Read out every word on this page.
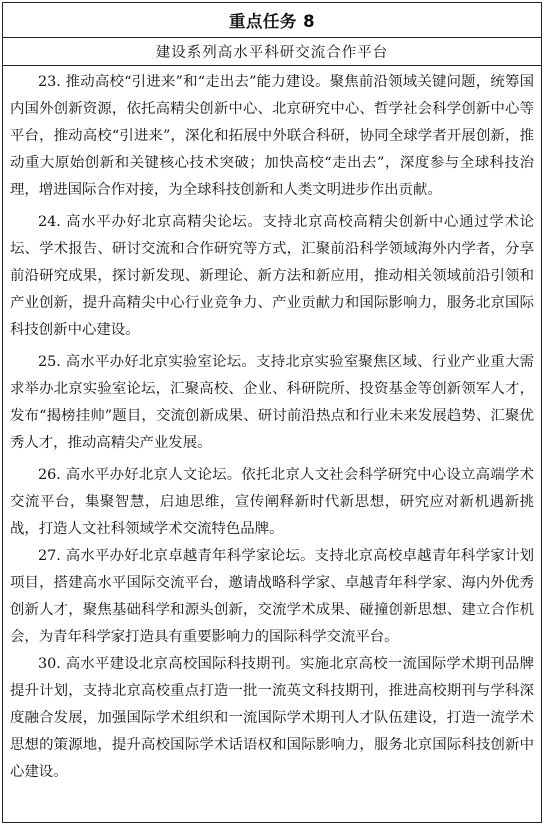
重点任务 8
建设系列高水平科研交流合作平台

23. 推动高校“引进来”和“走出去”能力建设。聚焦前沿领域关键问题，统筹国内国外创新资源，依托高精尖创新中心、北京研究中心、哲学社会科学创新中心等平台，推动高校“引进来”，深化和拓展中外联合科研，协同全球学者开展创新，推动重大原始创新和关键核心技术突破；加快高校“走出去”，深度参与全球科技治理，增进国际合作对接，为全球科技创新和人类文明进步作出贡献。

24. 高水平办好北京高精尖论坛。支持北京高校高精尖创新中心通过学术论坛、学术报告、研讨交流和合作研究等方式，汇聚前沿科学领域海外内学者，分享前沿研究成果，探讨新发现、新理论、新方法和新应用，推动相关领域前沿引领和产业创新，提升高精尖中心行业竞争力、产业贡献力和国际影响力，服务北京国际科技创新中心建设。

25. 高水平办好北京实验室论坛。支持北京实验室聚焦区域、行业产业重大需求举办北京实验室论坛，汇聚高校、企业、科研院所、投资基金等创新领军人才，发布“揭榜挂帅”题目，交流创新成果、研讨前沿热点和行业未来发展趋势、汇聚优秀人才，推动高精尖产业发展。

26. 高水平办好北京人文论坛。依托北京人文社会科学研究中心设立高端学术交流平台，集聚智慧，启迪思维，宣传阐释新时代新思想，研究应对新机遇新挑战，打造人文社科领域学术交流特色品牌。

27. 高水平办好北京卓越青年科学家论坛。支持北京高校卓越青年科学家计划项目，搭建高水平国际交流平台，邀请战略科学家、卓越青年科学家、海内外优秀创新人才，聚焦基础科学和源头创新，交流学术成果、碰撞创新思想、建立合作机会，为青年科学家打造具有重要影响力的国际科学交流平台。

30. 高水平建设北京高校国际科技期刊。实施北京高校一流国际学术期刊品牌提升计划，支持北京高校重点打造一批一流英文科技期刊，推进高校期刊与学科深度融合发展，加强国际学术组织和一流国际学术期刊人才队伍建设，打造一流学术思想的策源地，提升高校国际学术话语权和国际影响力，服务北京国际科技创新中心建设。
